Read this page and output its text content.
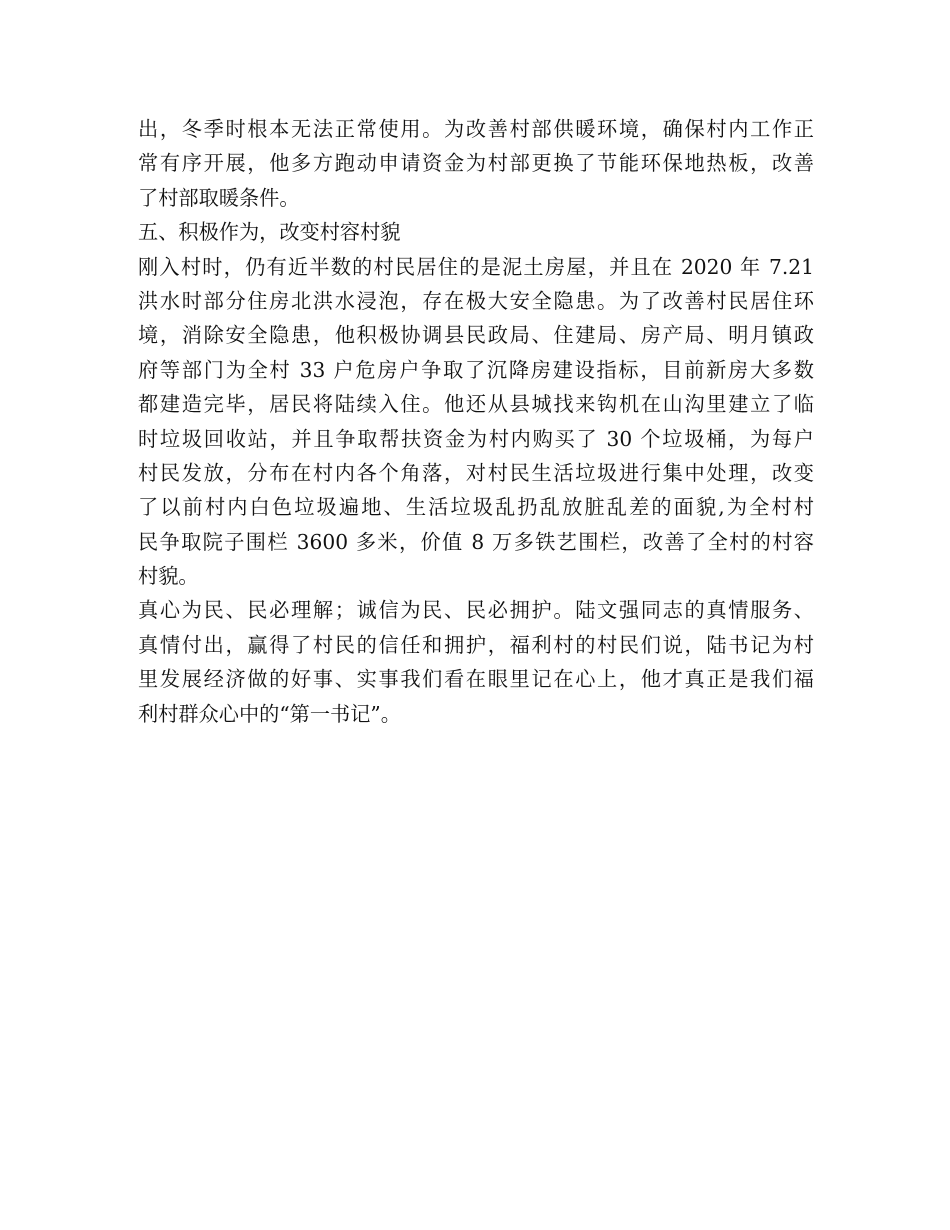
出，冬季时根本无法正常使用。为改善村部供暖环境，确保村内工作正
常有序开展，他多方跑动申请资金为村部更换了节能环保地热板，改善
了村部取暖条件。
五、积极作为，改变村容村貌
刚入村时，仍有近半数的村民居住的是泥土房屋，并且在 2020 年 7.21
洪水时部分住房北洪水浸泡，存在极大安全隐患。为了改善村民居住环
境，消除安全隐患，他积极协调县民政局、住建局、房产局、明月镇政
府等部门为全村 33 户危房户争取了沉降房建设指标，目前新房大多数
都建造完毕，居民将陆续入住。他还从县城找来钩机在山沟里建立了临
时垃圾回收站，并且争取帮扶资金为村内购买了 30 个垃圾桶，为每户
村民发放，分布在村内各个角落，对村民生活垃圾进行集中处理，改变
了以前村内白色垃圾遍地、生活垃圾乱扔乱放脏乱差的面貌,为全村村
民争取院子围栏 3600 多米，价值 8 万多铁艺围栏，改善了全村的村容
村貌。
真心为民、民必理解；诚信为民、民必拥护。陆文强同志的真情服务、
真情付出，赢得了村民的信任和拥护，福利村的村民们说，陆书记为村
里发展经济做的好事、实事我们看在眼里记在心上，他才真正是我们福
利村群众心中的“第一书记”。
